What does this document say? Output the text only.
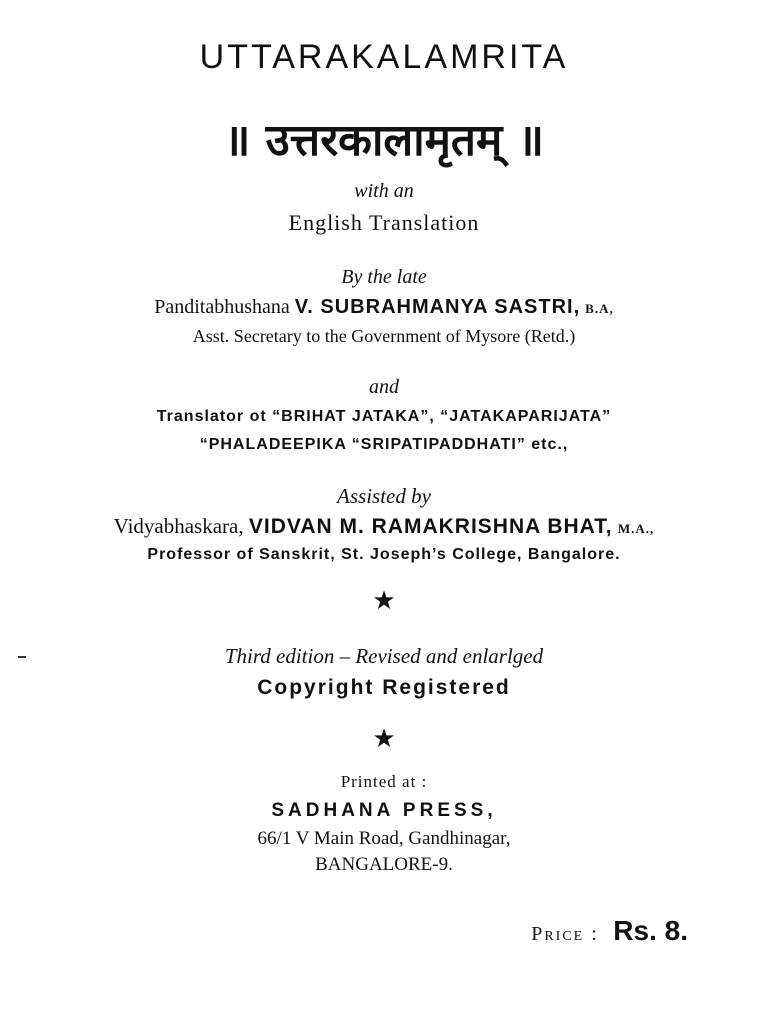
UTTARAKALAMRITA
॥ उत्तरकालामृतम् ॥
with an
English Translation
By the late
Panditabhushana V. SUBRAHMANYA SASTRI, B.A,
Asst. Secretary to the Government of Mysore (Retd.)
and
Translator ot “BRIHAT JATAKA”, “JATAKAPARIJATA”
“PHALADEEPIKA “SRIPATIPADDHATI” etc.,
Assisted by
Vidyabhaskara, VIDVAN M. RAMAKRISHNA BHAT, M.A.,
Professor of Sanskrit, St. Joseph’s College, Bangalore.
★
Third edition – Revised and enlarlged
Copyright Registered
★
Printed at :
SADHANA PRESS,
66/1 V Main Road, Gandhinagar,
BANGALORE-9.
Price : Rs. 8.
